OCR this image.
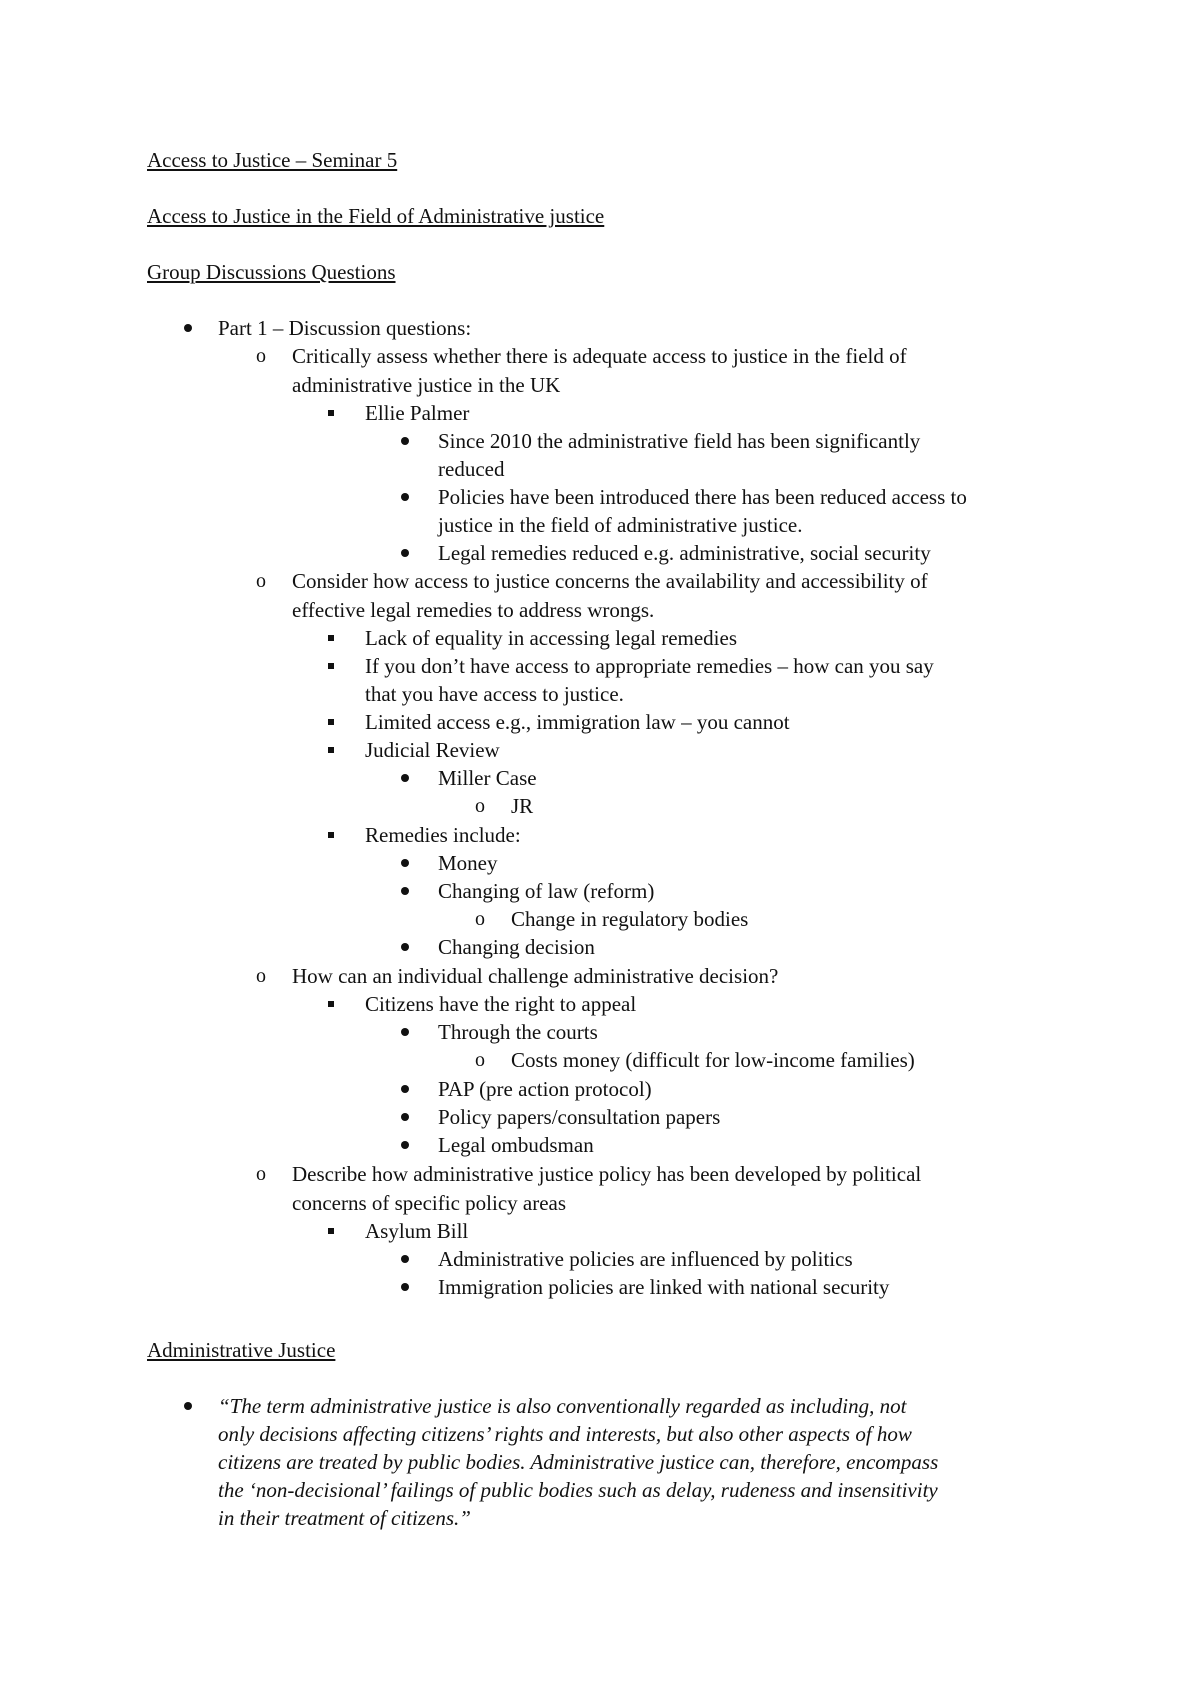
Access to Justice – Seminar 5
Access to Justice in the Field of Administrative justice
Group Discussions Questions
Part 1 – Discussion questions:
o Critically assess whether there is adequate access to justice in the field of
administrative justice in the UK
Ellie Palmer
Since 2010 the administrative field has been significantly
reduced
Policies have been introduced there has been reduced access to
justice in the field of administrative justice.
Legal remedies reduced e.g. administrative, social security
o Consider how access to justice concerns the availability and accessibility of
effective legal remedies to address wrongs.
Lack of equality in accessing legal remedies
If you don’t have access to appropriate remedies – how can you say
that you have access to justice.
Limited access e.g., immigration law – you cannot
Judicial Review
Miller Case
o JR
Remedies include:
Money
Changing of law (reform)
o Change in regulatory bodies
Changing decision
o How can an individual challenge administrative decision?
Citizens have the right to appeal
Through the courts
o Costs money (difficult for low-income families)
PAP (pre action protocol)
Policy papers/consultation papers
Legal ombudsman
o Describe how administrative justice policy has been developed by political
concerns of specific policy areas
Asylum Bill
Administrative policies are influenced by politics
Immigration policies are linked with national security
Administrative Justice
“The term administrative justice is also conventionally regarded as including, not
only decisions affecting citizens’ rights and interests, but also other aspects of how
citizens are treated by public bodies. Administrative justice can, therefore, encompass
the ‘non-decisional’ failings of public bodies such as delay, rudeness and insensitivity
in their treatment of citizens.”
